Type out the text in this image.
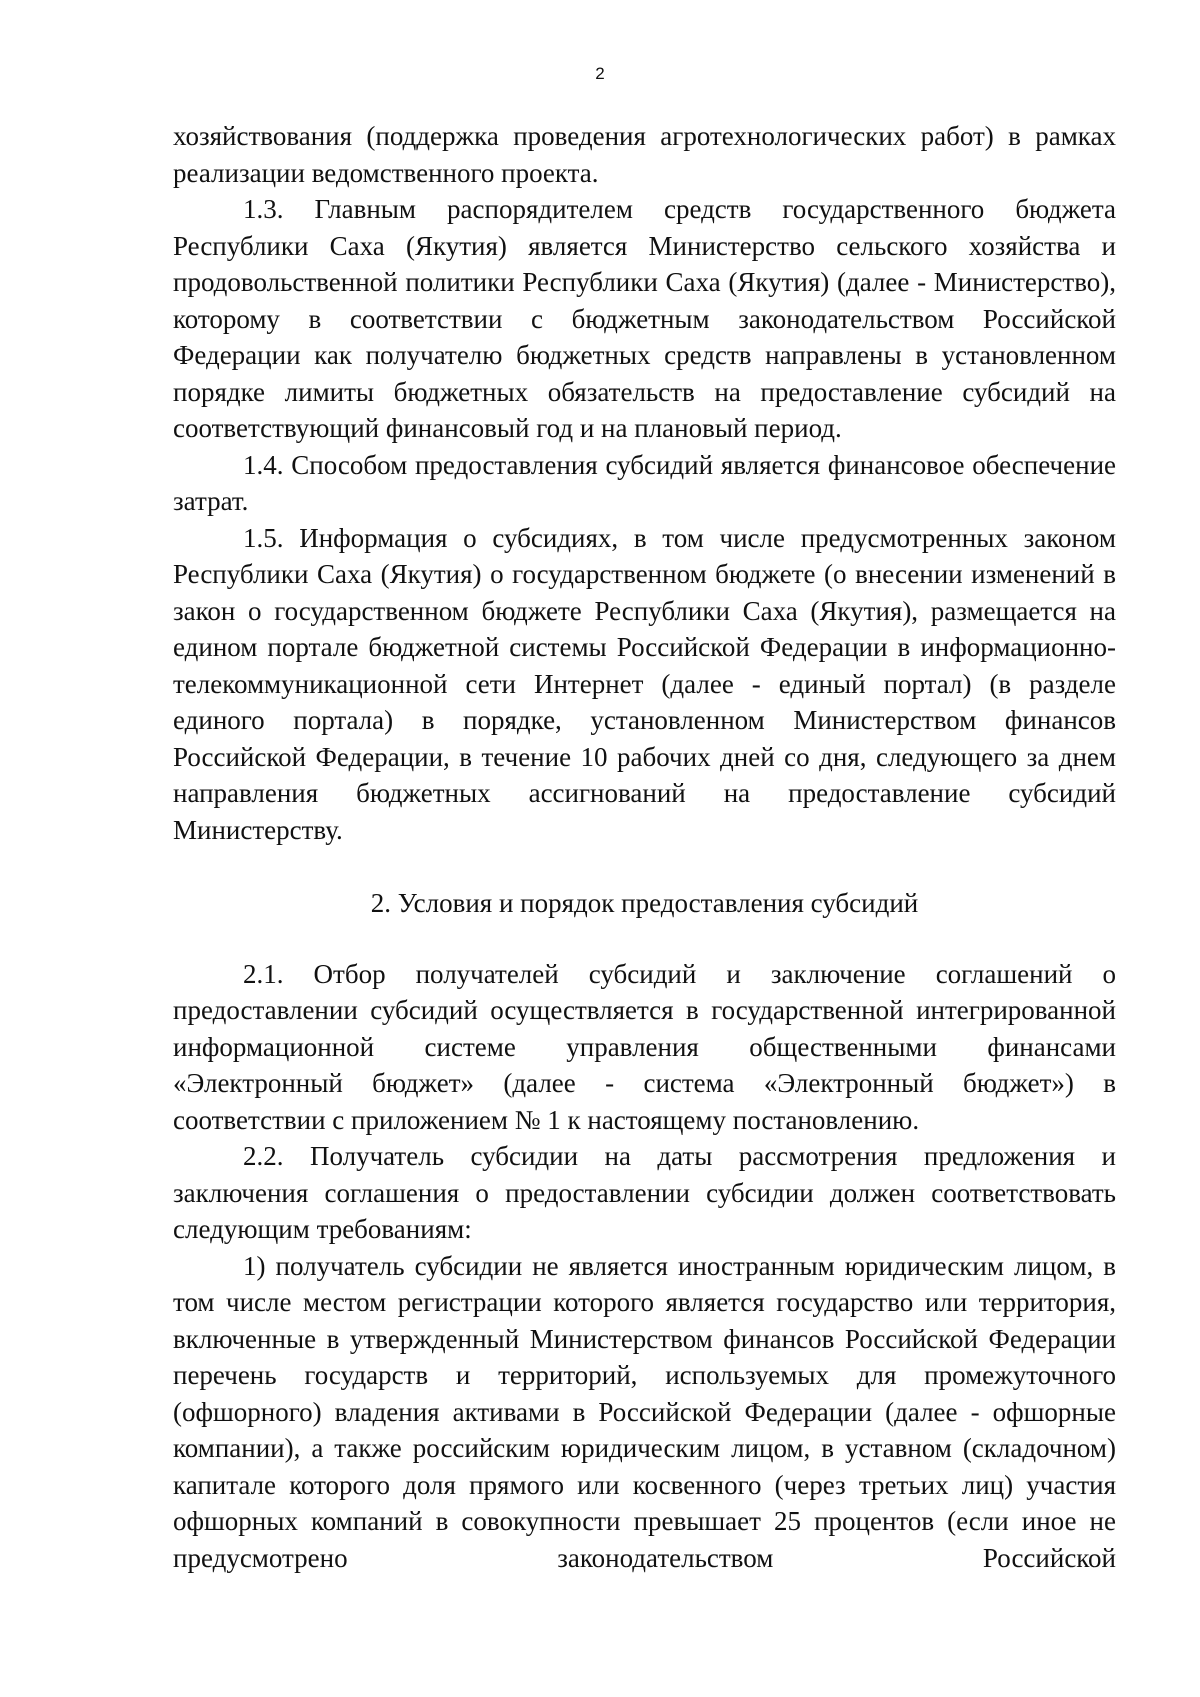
2

хозяйствования (поддержка проведения агротехнологических работ) в рамках реализации ведомственного проекта.

1.3. Главным распорядителем средств государственного бюджета Республики Саха (Якутия) является Министерство сельского хозяйства и продовольственной политики Республики Саха (Якутия) (далее - Министерство), которому в соответствии с бюджетным законодательством Российской Федерации как получателю бюджетных средств направлены в установленном порядке лимиты бюджетных обязательств на предоставление субсидий на соответствующий финансовый год и на плановый период.

1.4. Способом предоставления субсидий является финансовое обеспечение затрат.

1.5. Информация о субсидиях, в том числе предусмотренных законом Республики Саха (Якутия) о государственном бюджете (о внесении изменений в закон о государственном бюджете Республики Саха (Якутия), размещается на едином портале бюджетной системы Российской Федерации в информационно-телекоммуникационной сети Интернет (далее - единый портал) (в разделе единого портала) в порядке, установленном Министерством финансов Российской Федерации, в течение 10 рабочих дней со дня, следующего за днем направления бюджетных ассигнований на предоставление субсидий Министерству.

2. Условия и порядок предоставления субсидий

2.1. Отбор получателей субсидий и заключение соглашений о предоставлении субсидий осуществляется в государственной интегрированной информационной системе управления общественными финансами «Электронный бюджет» (далее - система «Электронный бюджет») в соответствии с приложением № 1 к настоящему постановлению.

2.2. Получатель субсидии на даты рассмотрения предложения и заключения соглашения о предоставлении субсидии должен соответствовать следующим требованиям:

1) получатель субсидии не является иностранным юридическим лицом, в том числе местом регистрации которого является государство или территория, включенные в утвержденный Министерством финансов Российской Федерации перечень государств и территорий, используемых для промежуточного (офшорного) владения активами в Российской Федерации (далее - офшорные компании), а также российским юридическим лицом, в уставном (складочном) капитале которого доля прямого или косвенного (через третьих лиц) участия офшорных компаний в совокупности превышает 25 процентов (если иное не предусмотрено законодательством Российской
